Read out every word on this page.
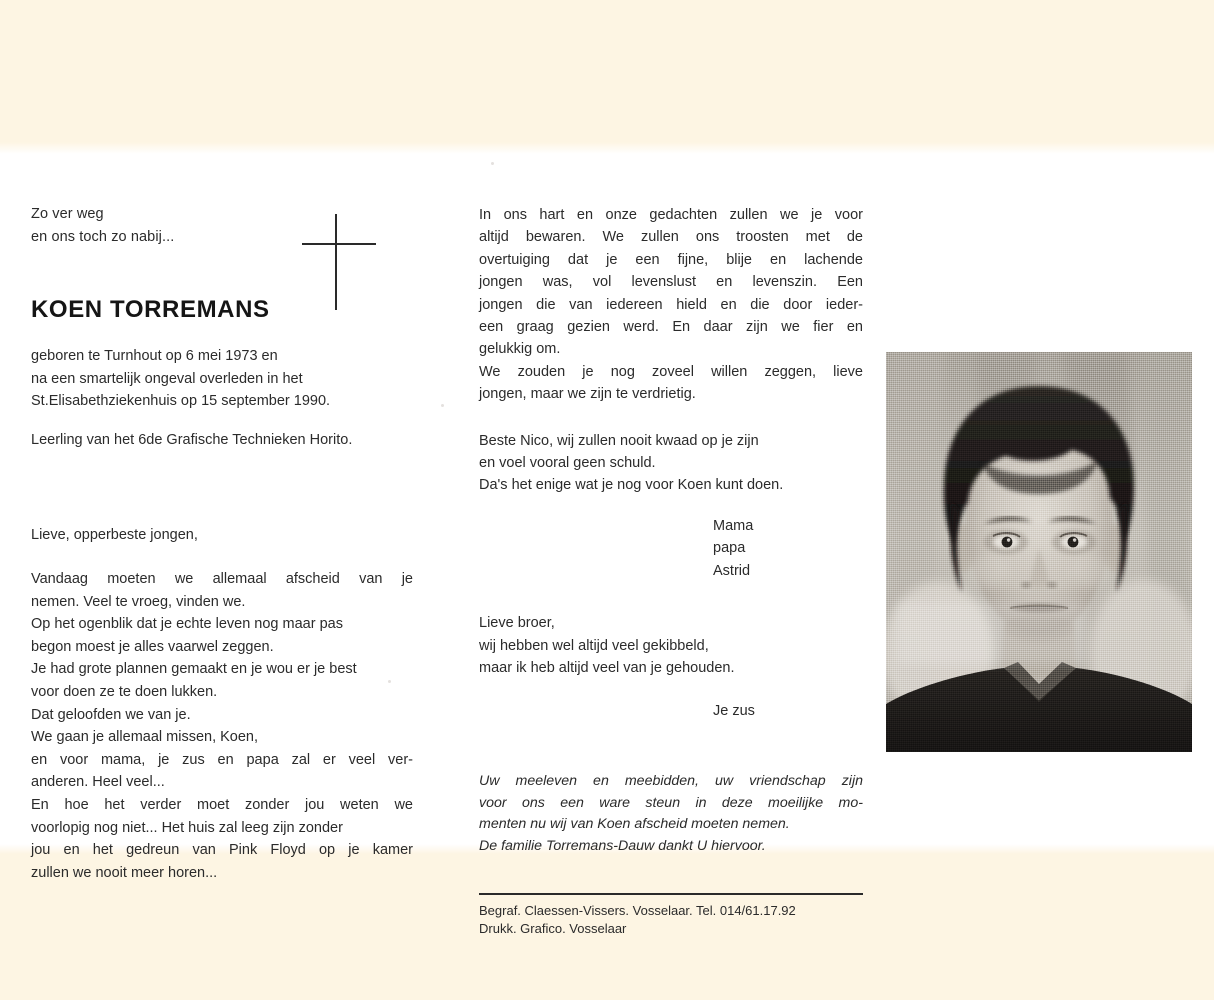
Zo ver weg
en ons toch zo nabij...
KOEN TORREMANS
geboren te Turnhout op 6 mei 1973 en
na een smartelijk ongeval overleden in het
St.Elisabethziekenhuis op 15 september 1990.
Leerling van het 6de Grafische Technieken Horito.
Lieve, opperbeste jongen,
Vandaag moeten we allemaal afscheid van je
nemen. Veel te vroeg, vinden we.
Op het ogenblik dat je echte leven nog maar pas
begon moest je alles vaarwel zeggen.
Je had grote plannen gemaakt en je wou er je best
voor doen ze te doen lukken.
Dat geloofden we van je.
We gaan je allemaal missen, Koen,
en voor mama, je zus en papa zal er veel ver-
anderen. Heel veel...
En hoe het verder moet zonder jou weten we
voorlopig nog niet... Het huis zal leeg zijn zonder
jou en het gedreun van Pink Floyd op je kamer
zullen we nooit meer horen...
In ons hart en onze gedachten zullen we je voor
altijd bewaren. We zullen ons troosten met de
overtuiging dat je een fijne, blije en lachende
jongen was, vol levenslust en levenszin. Een
jongen die van iedereen hield en die door ieder-
een graag gezien werd. En daar zijn we fier en
gelukkig om.
We zouden je nog zoveel willen zeggen, lieve
jongen, maar we zijn te verdrietig.
Beste Nico, wij zullen nooit kwaad op je zijn
en voel vooral geen schuld.
Da's het enige wat je nog voor Koen kunt doen.
Mama
papa
Astrid
Lieve broer,
wij hebben wel altijd veel gekibbeld,
maar ik heb altijd veel van je gehouden.
Je zus
Uw meeleven en meebidden, uw vriendschap zijn
voor ons een ware steun in deze moeilijke mo-
menten nu wij van Koen afscheid moeten nemen.
De familie Torremans-Dauw dankt U hiervoor.
Begraf. Claessen-Vissers. Vosselaar. Tel. 014/61.17.92
Drukk. Grafico. Vosselaar
